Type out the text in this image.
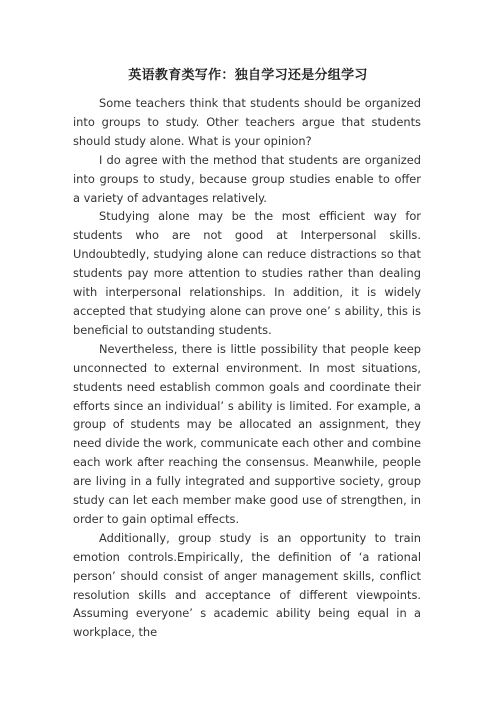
英语教育类写作：独自学习还是分组学习

Some teachers think that students should be organized into groups to study. Other teachers argue that students should study alone. What is your opinion?

I do agree with the method that students are organized into groups to study, because group studies enable to offer a variety of advantages relatively.

Studying alone may be the most efficient way for students who are not good at Interpersonal skills. Undoubtedly, studying alone can reduce distractions so that students pay more attention to studies rather than dealing with interpersonal relationships. In addition, it is widely accepted that studying alone can prove one’ s ability, this is beneficial to outstanding students.

Nevertheless, there is little possibility that people keep unconnected to external environment. In most situations, students need establish common goals and coordinate their efforts since an individual’ s ability is limited. For example, a group of students may be allocated an assignment, they need divide the work, communicate each other and combine each work after reaching the consensus. Meanwhile, people are living in a fully integrated and supportive society, group study can let each member make good use of strengthen, in order to gain optimal effects.

Additionally, group study is an opportunity to train emotion controls.Empirically, the definition of ‘a rational person’ should consist of anger management skills, conflict resolution skills and acceptance of different viewpoints. Assuming everyone’ s academic ability being equal in a workplace, the
